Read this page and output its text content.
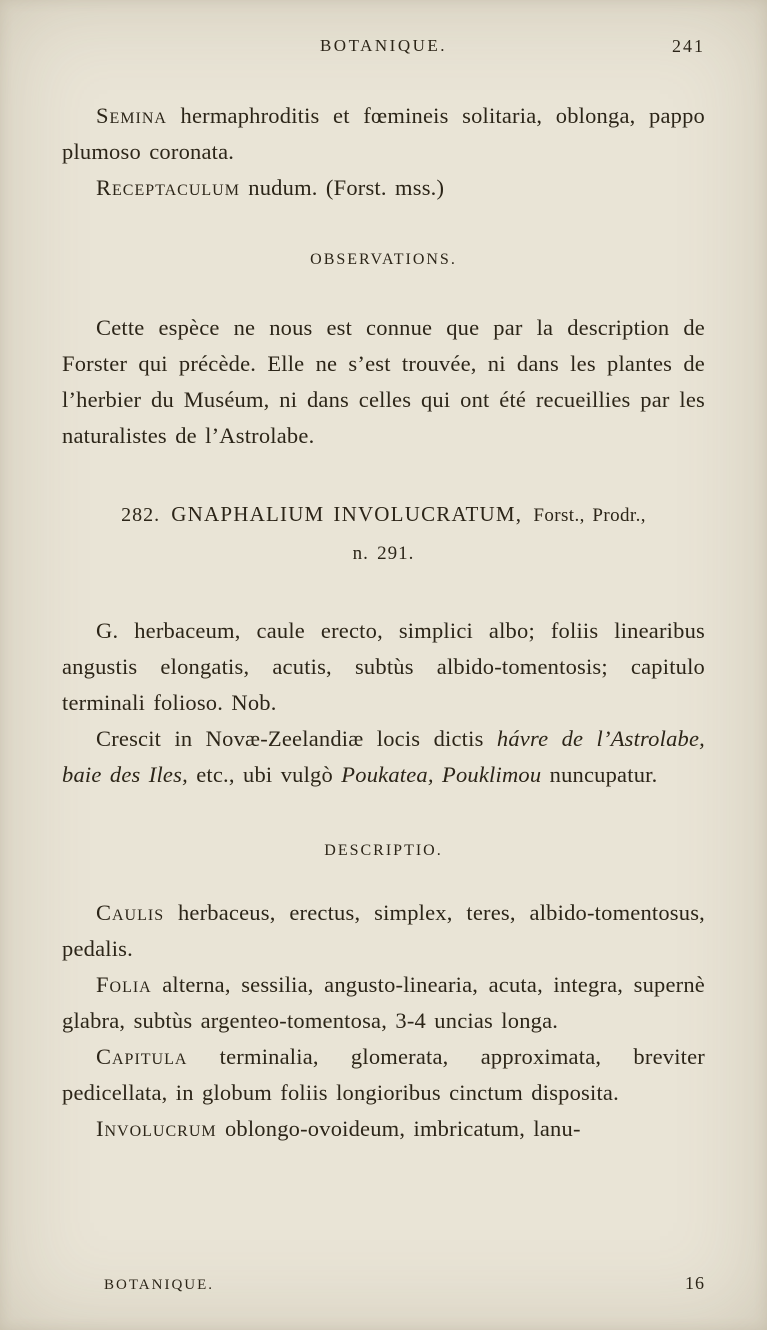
BOTANIQUE.	241

Semina hermaphroditis et fœmineis solitaria, oblonga, pappo plumoso coronata.

Receptaculum nudum. (Forst. mss.)

OBSERVATIONS.

Cette espèce ne nous est connue que par la description de Forster qui précède. Elle ne s’est trouvée, ni dans les plantes de l’herbier du Muséum, ni dans celles qui ont été recueillies par les naturalistes de l’Astrolabe.

282. GNAPHALIUM INVOLUCRATUM, Forst., Prodr.,
n. 291.

G. herbaceum, caule erecto, simplici albo; foliis linearibus angustis elongatis, acutis, subtùs albido-tomentosis; capitulo terminali folioso. Nob.

Crescit in Novæ-Zeelandiæ locis dictis hávre de l’Astrolabe, baie des Iles, etc., ubi vulgò Poukatea, Pouklimou nuncupatur.

DESCRIPTIO.

Caulis herbaceus, erectus, simplex, teres, albido-tomentosus, pedalis.

Folia alterna, sessilia, angusto-linearia, acuta, integra, supernè glabra, subtùs argenteo-tomentosa, 3-4 uncias longa.

Capitula terminalia, glomerata, approximata, breviter pedicellata, in globum foliis longioribus cinctum disposita.

Involucrum oblongo-ovoideum, imbricatum, lanu-

BOTANIQUE.	16
